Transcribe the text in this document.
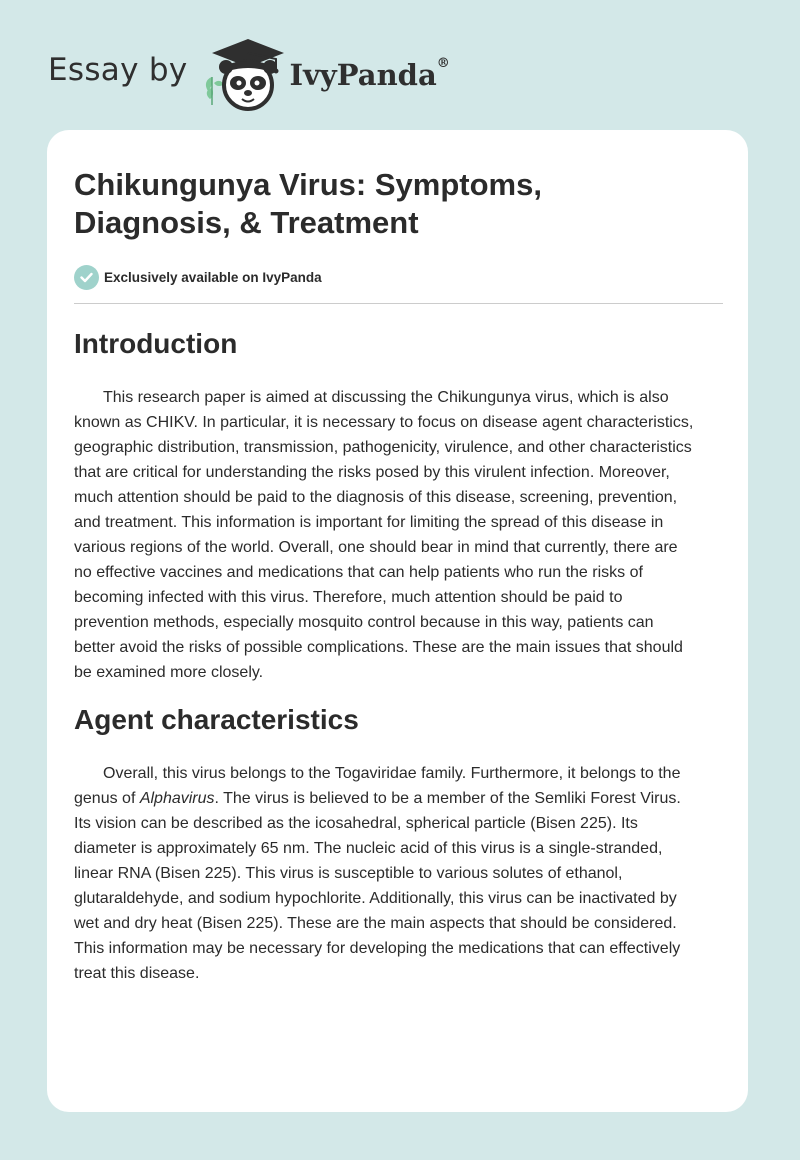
Essay by	IvyPanda®
Chikungunya Virus: Symptoms,
Diagnosis, & Treatment
Exclusively available on IvyPanda
Introduction
This research paper is aimed at discussing the Chikungunya virus, which is also
known as CHIKV. In particular, it is necessary to focus on disease agent characteristics,
geographic distribution, transmission, pathogenicity, virulence, and other characteristics
that are critical for understanding the risks posed by this virulent infection. Moreover,
much attention should be paid to the diagnosis of this disease, screening, prevention,
and treatment. This information is important for limiting the spread of this disease in
various regions of the world. Overall, one should bear in mind that currently, there are
no effective vaccines and medications that can help patients who run the risks of
becoming infected with this virus. Therefore, much attention should be paid to
prevention methods, especially mosquito control because in this way, patients can
better avoid the risks of possible complications. These are the main issues that should
be examined more closely.
Agent characteristics
Overall, this virus belongs to the Togaviridae family. Furthermore, it belongs to the
genus of Alphavirus. The virus is believed to be a member of the Semliki Forest Virus.
Its vision can be described as the icosahedral, spherical particle (Bisen 225). Its
diameter is approximately 65 nm. The nucleic acid of this virus is a single-stranded,
linear RNA (Bisen 225). This virus is susceptible to various solutes of ethanol,
glutaraldehyde, and sodium hypochlorite. Additionally, this virus can be inactivated by
wet and dry heat (Bisen 225). These are the main aspects that should be considered.
This information may be necessary for developing the medications that can effectively
treat this disease.
